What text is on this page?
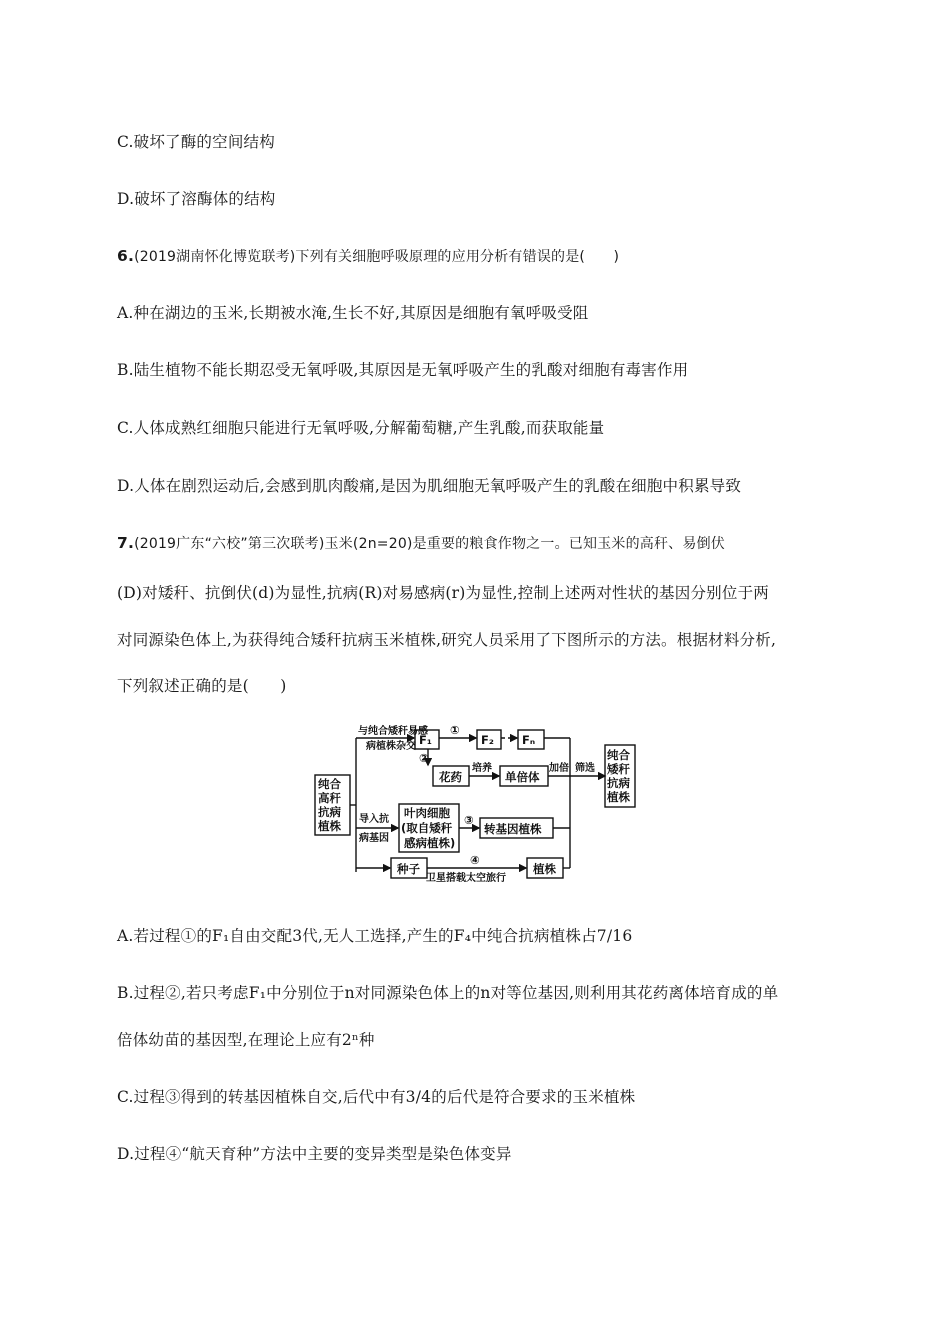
C.破坏了酶的空间结构
D.破坏了溶酶体的结构
6.(2019湖南怀化博览联考)下列有关细胞呼吸原理的应用分析有错误的是(　　)
A.种在湖边的玉米,长期被水淹,生长不好,其原因是细胞有氧呼吸受阻
B.陆生植物不能长期忍受无氧呼吸,其原因是无氧呼吸产生的乳酸对细胞有毒害作用
C.人体成熟红细胞只能进行无氧呼吸,分解葡萄糖,产生乳酸,而获取能量
D.人体在剧烈运动后,会感到肌肉酸痛,是因为肌细胞无氧呼吸产生的乳酸在细胞中积累导致
7.(2019广东“六校”第三次联考)玉米(2n=20)是重要的粮食作物之一。已知玉米的高秆、易倒伏
(D)对矮秆、抗倒伏(d)为显性,抗病(R)对易感病(r)为显性,控制上述两对性状的基因分别位于两
对同源染色体上,为获得纯合矮秆抗病玉米植株,研究人员采用了下图所示的方法。根据材料分析,
下列叙述正确的是(　　)
纯合
高秆
抗病
植株
与纯合矮秆易感
病植株杂交 F₁
①
F₂ Fₙ
②
花药
培养
单倍体
加倍 筛选
纯合
矮秆
抗病
植株
导入抗
病基因
叶肉细胞
(取自矮秆
感病植株)
③
转基因植株
种子
④
卫星搭载太空旅行
植株
A.若过程①的F₁自由交配3代,无人工选择,产生的F₄中纯合抗病植株占7/16
B.过程②,若只考虑F₁中分别位于n对同源染色体上的n对等位基因,则利用其花药离体培育成的单
倍体幼苗的基因型,在理论上应有2ⁿ种
C.过程③得到的转基因植株自交,后代中有3/4的后代是符合要求的玉米植株
D.过程④“航天育种”方法中主要的变异类型是染色体变异
